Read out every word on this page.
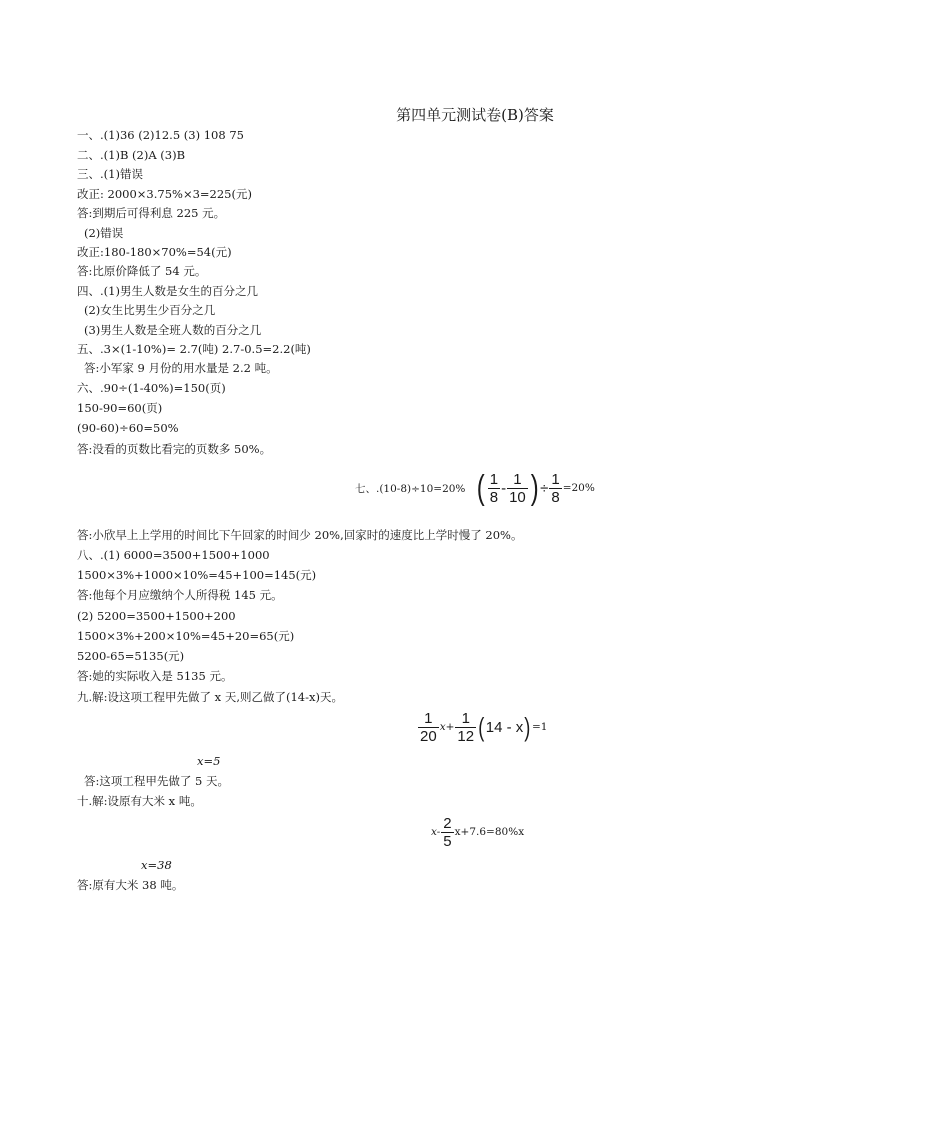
第四单元测试卷(B)答案
一、.(1)36 (2)12.5 (3) 108 75
二、.(1)B (2)A (3)B
三、.(1)错误
改正: 2000×3.75%×3=225(元)
答:到期后可得利息 225 元。
(2)错误
改正:180-180×70%=54(元)
答:比原价降低了 54 元。
四、.(1)男生人数是女生的百分之几
(2)女生比男生少百分之几
(3)男生人数是全班人数的百分之几
五、.3×(1-10%)= 2.7(吨) 2.7-0.5=2.2(吨)
答:小军家 9 月份的用水量是 2.2 吨。
六、.90÷(1-40%)=150(页)
150-90=60(页)
(90-60)÷60=50%
答:没看的页数比看完的页数多 50%。
七、.(10-8)÷10=20% ( $\frac{1}{8} - \frac{1}{10}$ ) ÷ $\frac{1}{8} =20\%$
答:小欣早上上学用的时间比下午回家的时间少 20%,回家时的速度比上学时慢了 20%。
八、.(1) 6000=3500+1500+1000
1500×3%+1000×10%=45+100=145(元)
答:他每个月应缴纳个人所得税 145 元。
(2) 5200=3500+1500+200
1500×3%+200×10%=45+20=65(元)
5200-65=5135(元)
答:她的实际收入是 5135 元。
九.解:设这项工程甲先做了 x 天,则乙做了(14-x)天。
$\frac{1}{20} x+ \frac{1}{12}$ ( 14 - x ) =1
x=5
答:这项工程甲先做了 5 天。
十.解:设原有大米 x 吨。
$x- \frac{2}{5} x+7.6=80\%x$
x=38
答:原有大米 38 吨。
